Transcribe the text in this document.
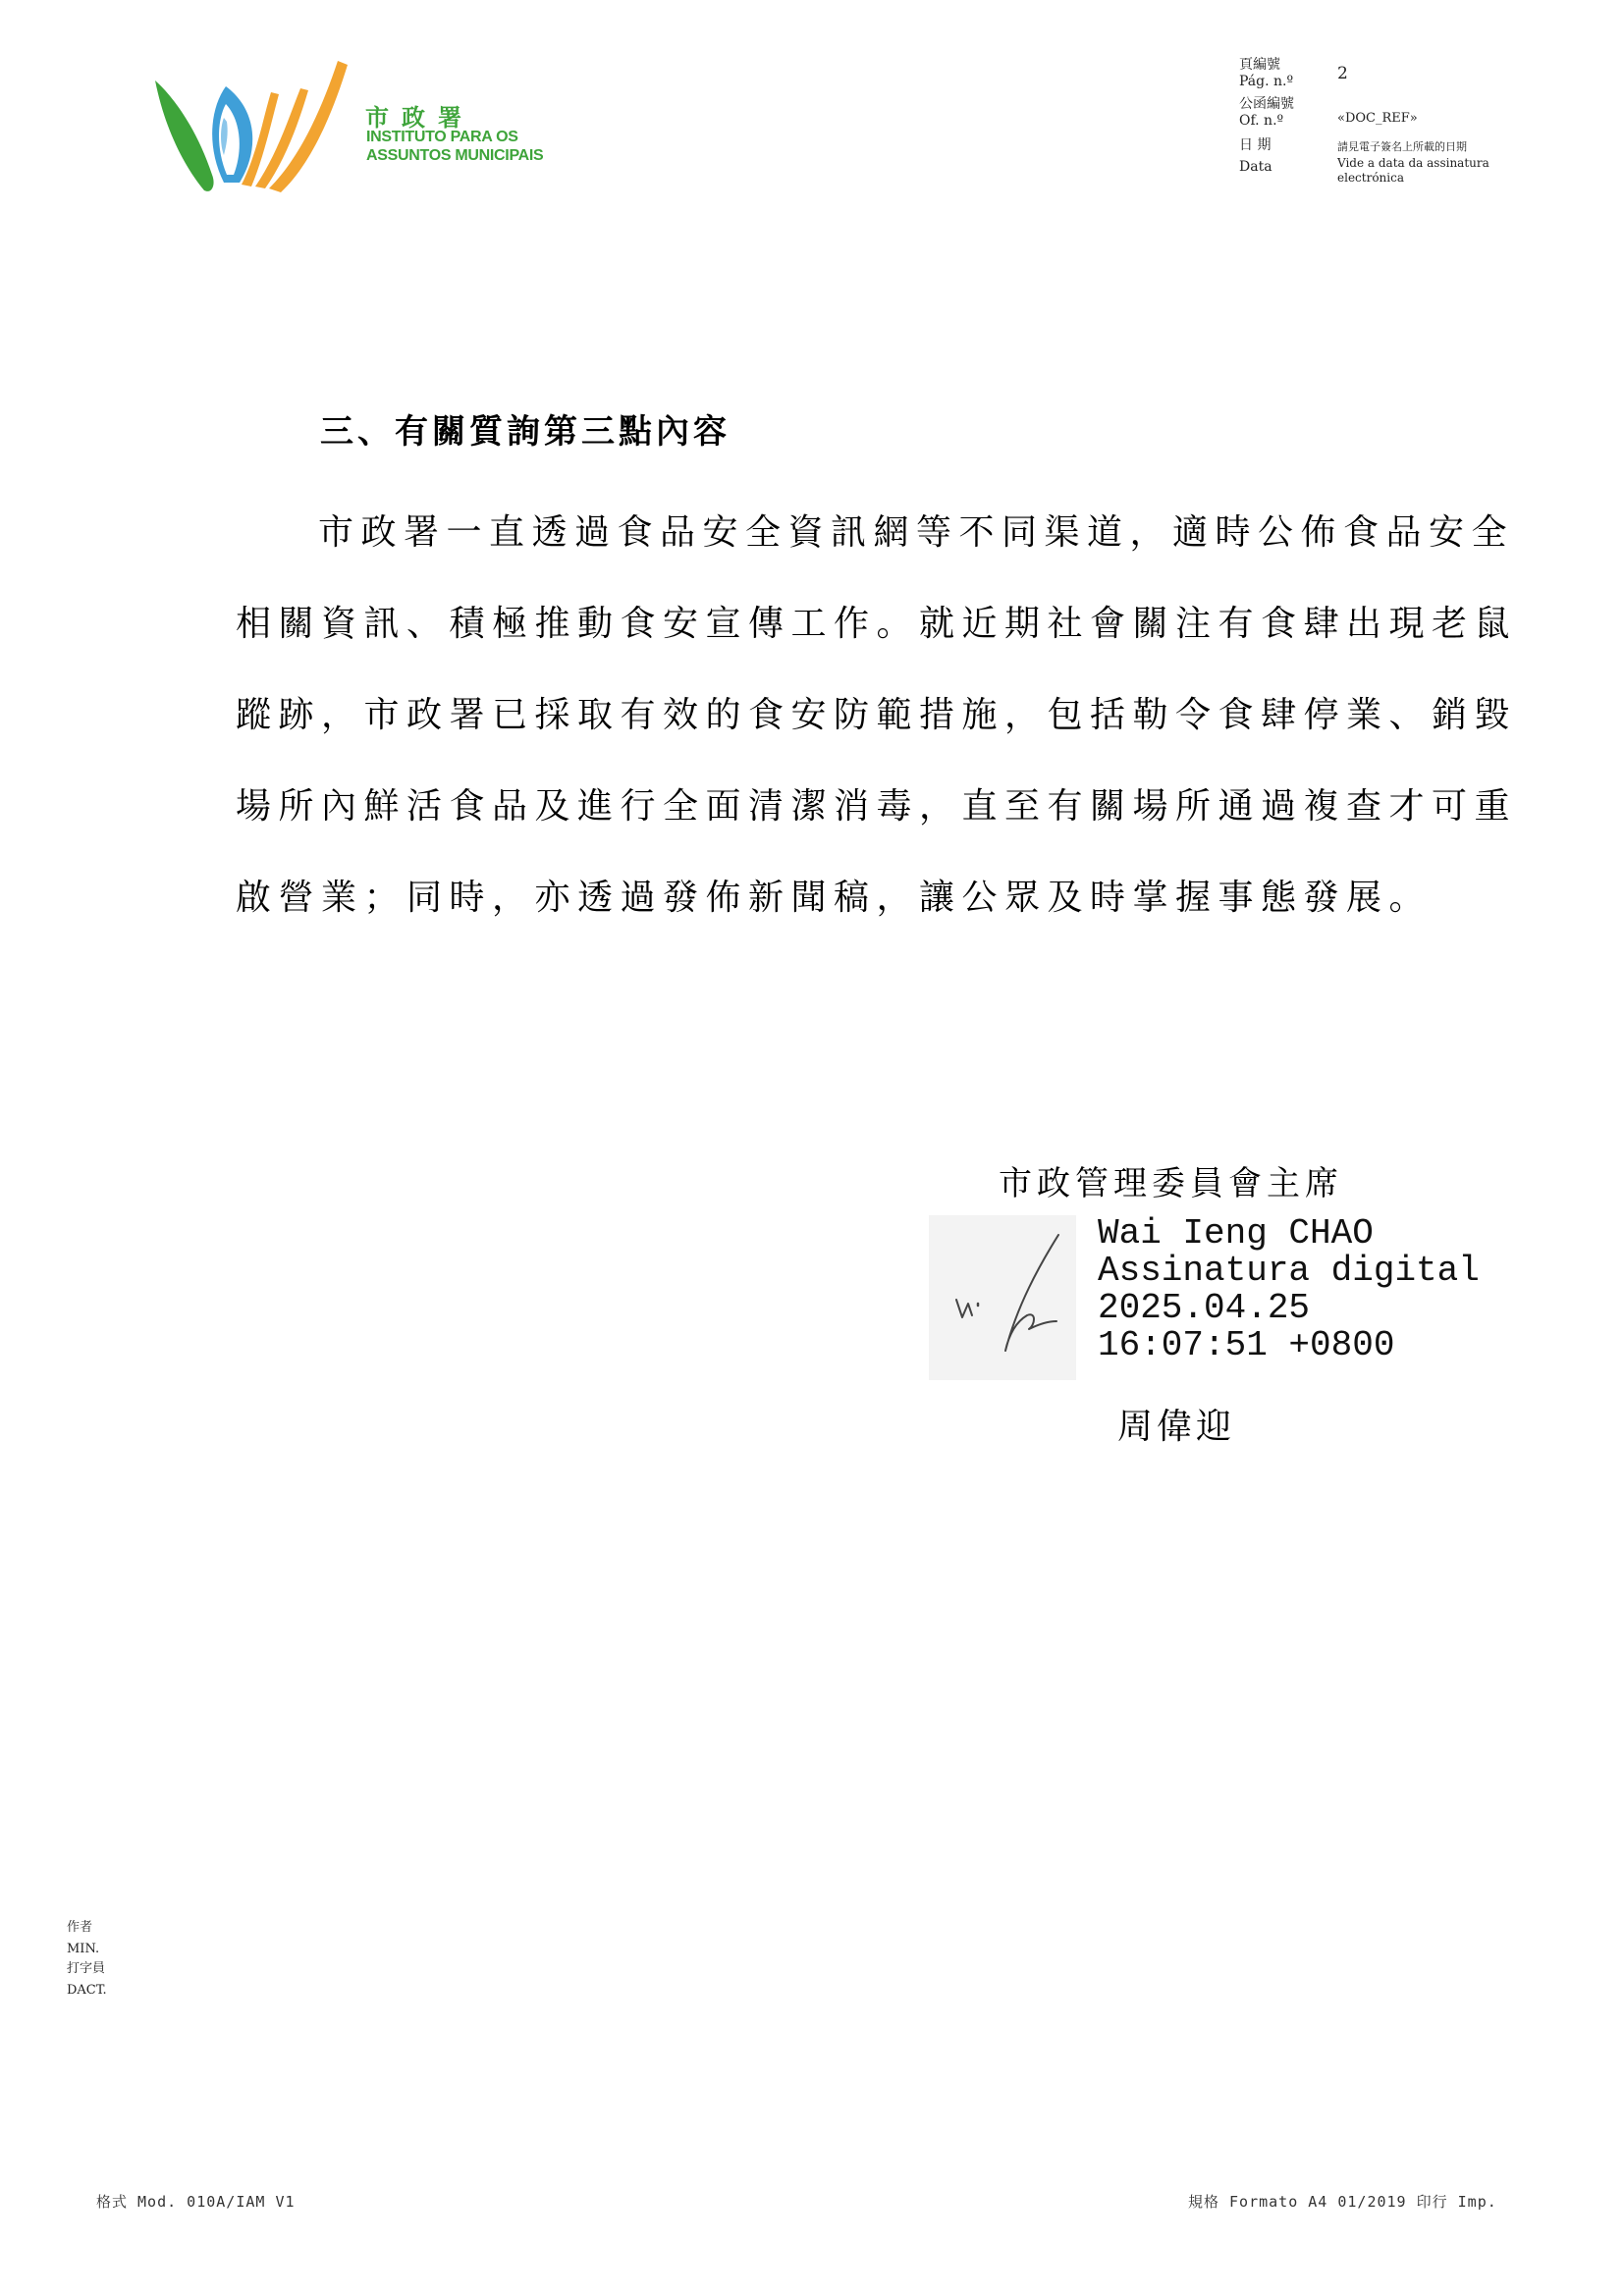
市政署
INSTITUTO PARA OS
ASSUNTOS MUNICIPAIS
頁編號
Pág. n.º	2
公函編號
Of. n.º	«DOC_REF»
日 期
Data
請見電子簽名上所載的日期
Vide a data da assinatura
electrónica
三、有關質詢第三點內容
市政署一直透過食品安全資訊網等不同渠道，適時公佈食品安全
相關資訊、積極推動食安宣傳工作。就近期社會關注有食肆出現老鼠
蹤跡，市政署已採取有效的食安防範措施，包括勒令食肆停業、銷毀
場所內鮮活食品及進行全面清潔消毒，直至有關場所通過複查才可重
啟營業；同時，亦透過發佈新聞稿，讓公眾及時掌握事態發展。
市政管理委員會主席
Wai Ieng CHAO
Assinatura digital
2025.04.25
16:07:51 +0800
周偉迎
作者
MIN.
打字員
DACT.
格式 Mod. 010A/IAM V1	規格 Formato A4 01/2019 印行 Imp.
